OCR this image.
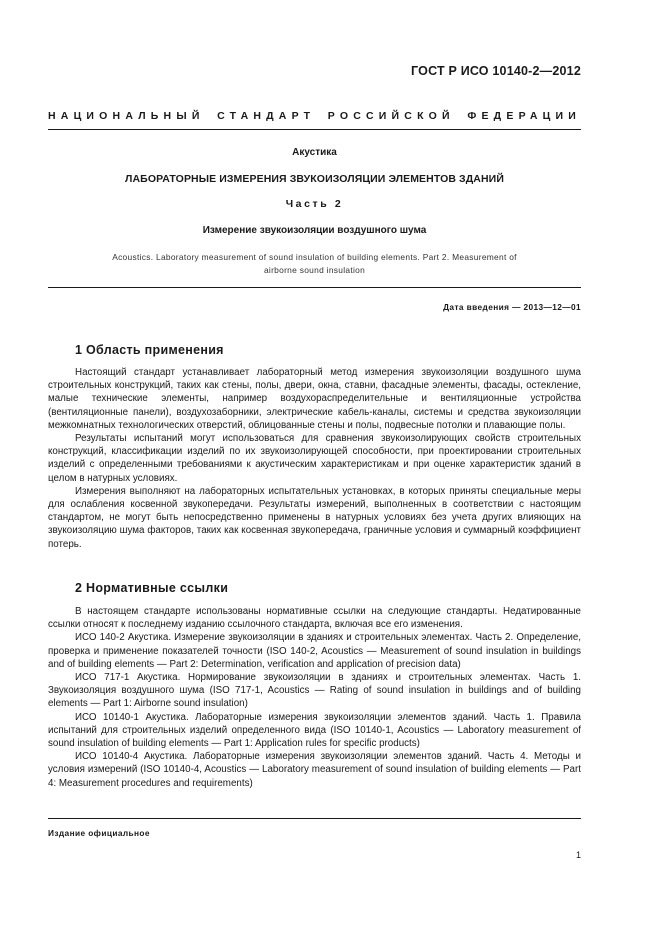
ГОСТ Р ИСО 10140-2—2012
НАЦИОНАЛЬНЫЙ СТАНДАРТ РОССИЙСКОЙ ФЕДЕРАЦИИ
Акустика
ЛАБОРАТОРНЫЕ ИЗМЕРЕНИЯ ЗВУКОИЗОЛЯЦИИ ЭЛЕМЕНТОВ ЗДАНИЙ
Часть 2
Измерение звукоизоляции воздушного шума
Acoustics. Laboratory measurement of sound insulation of building elements. Part 2. Measurement of
airborne sound insulation
Дата введения — 2013—12—01
1 Область применения

Настоящий стандарт устанавливает лабораторный метод измерения звукоизоляции воздушного шума строительных конструкций, таких как стены, полы, двери, окна, ставни, фасадные элементы, фасады, остекление, малые технические элементы, например воздухораспределительные и вентиляционные устройства (вентиляционные панели), воздухозаборники, электрические кабель-каналы, системы и средства звукоизоляции межкомнатных технологических отверстий, облицованные стены и полы, подвесные потолки и плавающие полы.

Результаты испытаний могут использоваться для сравнения звукоизолирующих свойств строительных конструкций, классификации изделий по их звукоизолирующей способности, при проектировании строительных изделий с определенными требованиями к акустическим характеристикам и при оценке характеристик зданий в целом в натурных условиях.

Измерения выполняют на лабораторных испытательных установках, в которых приняты специальные меры для ослабления косвенной звукопередачи. Результаты измерений, выполненных в соответствии с настоящим стандартом, не могут быть непосредственно применены в натурных условиях без учета других влияющих на звукоизоляцию шума факторов, таких как косвенная звукопередача, граничные условия и суммарный коэффициент потерь.

2 Нормативные ссылки

В настоящем стандарте использованы нормативные ссылки на следующие стандарты. Недатированные ссылки относят к последнему изданию ссылочного стандарта, включая все его изменения.

ИСО 140-2 Акустика. Измерение звукоизоляции в зданиях и строительных элементах. Часть 2. Определение, проверка и применение показателей точности (ISO 140-2, Acoustics — Measurement of sound insulation in buildings and of building elements — Part 2: Determination, verification and application of precision data)

ИСО 717-1 Акустика. Нормирование звукоизоляции в зданиях и строительных элементах. Часть 1. Звукоизоляция воздушного шума (ISO 717-1, Acoustics — Rating of sound insulation in buildings and of building elements — Part 1: Airborne sound insulation)

ИСО 10140-1 Акустика. Лабораторные измерения звукоизоляции элементов зданий. Часть 1. Правила испытаний для строительных изделий определенного вида (ISO 10140-1, Acoustics — Laboratory measurement of sound insulation of building elements — Part 1: Application rules for specific products)

ИСО 10140-4 Акустика. Лабораторные измерения звукоизоляции элементов зданий. Часть 4. Методы и условия измерений (ISO 10140-4, Acoustics — Laboratory measurement of sound insulation of building elements — Part 4: Measurement procedures and requirements)

Издание официальное
1
